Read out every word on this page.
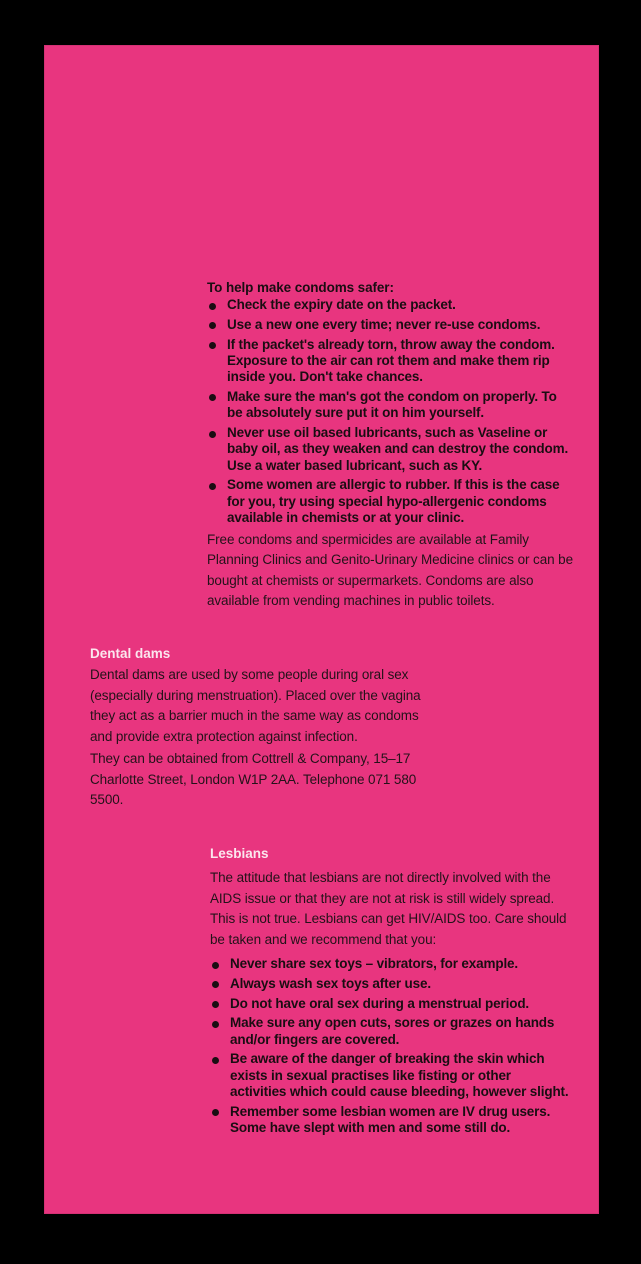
To help make condoms safer:

Check the expiry date on the packet.
Use a new one every time; never re-use condoms.
If the packet's already torn, throw away the condom. Exposure to the air can rot them and make them rip inside you. Don't take chances.
Make sure the man's got the condom on properly. To be absolutely sure put it on him yourself.
Never use oil based lubricants, such as Vaseline or baby oil, as they weaken and can destroy the condom. Use a water based lubricant, such as KY.
Some women are allergic to rubber. If this is the case for you, try using special hypo-allergenic condoms available in chemists or at your clinic.

Free condoms and spermicides are available at Family Planning Clinics and Genito-Urinary Medicine clinics or can be bought at chemists or supermarkets. Condoms are also available from vending machines in public toilets.

Dental dams

Dental dams are used by some people during oral sex (especially during menstruation). Placed over the vagina they act as a barrier much in the same way as condoms and provide extra protection against infection.

They can be obtained from Cottrell & Company, 15–17 Charlotte Street, London W1P 2AA. Telephone 071 580 5500.

Lesbians

The attitude that lesbians are not directly involved with the AIDS issue or that they are not at risk is still widely spread. This is not true. Lesbians can get HIV/AIDS too. Care should be taken and we recommend that you:

Never share sex toys – vibrators, for example.
Always wash sex toys after use.
Do not have oral sex during a menstrual period.
Make sure any open cuts, sores or grazes on hands and/or fingers are covered.
Be aware of the danger of breaking the skin which exists in sexual practises like fisting or other activities which could cause bleeding, however slight.
Remember some lesbian women are IV drug users. Some have slept with men and some still do.
